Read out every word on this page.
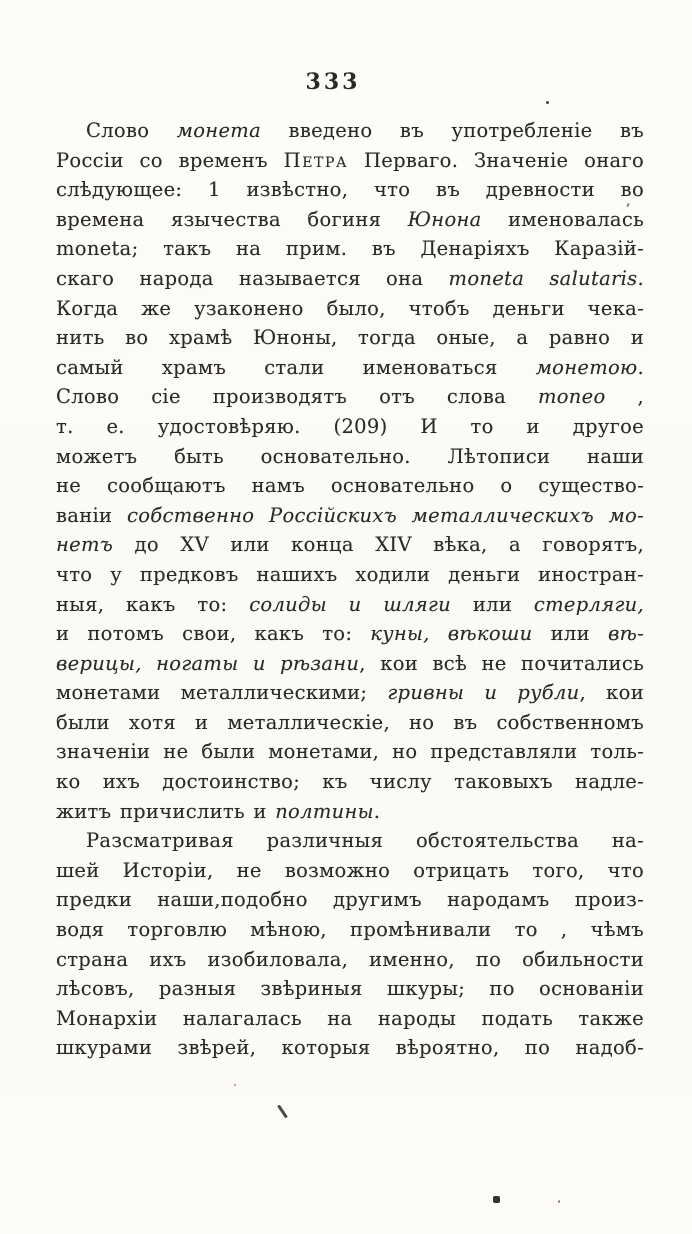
333
Слово монета введено въ употребленіе въ
Россіи со временъ Петра Перваго. Значеніе онаго
слѣдующее: 1 извѣстно, что въ древности во
времена язычества богиня Юнона именовалась
moneta; такъ на прим. въ Денаріяхъ Каразій-
скаго народа называется она moneta salutaris.
Когда же узаконено было, чтобъ деньги чека-
нить во храмѣ Юноны, тогда оные, а равно и
самый храмъ стали именоваться монетою.
Слово сіе производятъ отъ слова moneo ,
т. е. удостовѣряю. (209) И то и другое
можетъ быть основательно. Лѣтописи наши
не сообщаютъ намъ основательно о существо-
ваніи собственно Россійскихъ металлическихъ мо-
нетъ до XV или конца XIV вѣка, а говорятъ,
что у предковъ нашихъ ходили деньги иностран-
ныя, какъ то: солиды и шляги или стерляги,
и потомъ свои, какъ то: куны, вѣкоши или вѣ-
верицы, ногаты и рѣзани, кои всѣ не почитались
монетами металлическими; гривны и рубли, кои
были хотя и металлическіе, но въ собственномъ
значеніи не были монетами, но представляли толь-
ко ихъ достоинство; къ числу таковыхъ надле-
житъ причислить и полтины.
Разсматривая различныя обстоятельства на-
шей Исторіи, не возможно отрицать того, что
предки наши,подобно другимъ народамъ произ-
водя торговлю мѣною, промѣнивали то , чѣмъ
страна ихъ изобиловала, именно, по обильности
лѣсовъ, разныя звѣриныя шкуры; по основаніи
Монархіи налагалась на народы подать также
шкурами звѣрей, которыя вѣроятно, по надоб-
